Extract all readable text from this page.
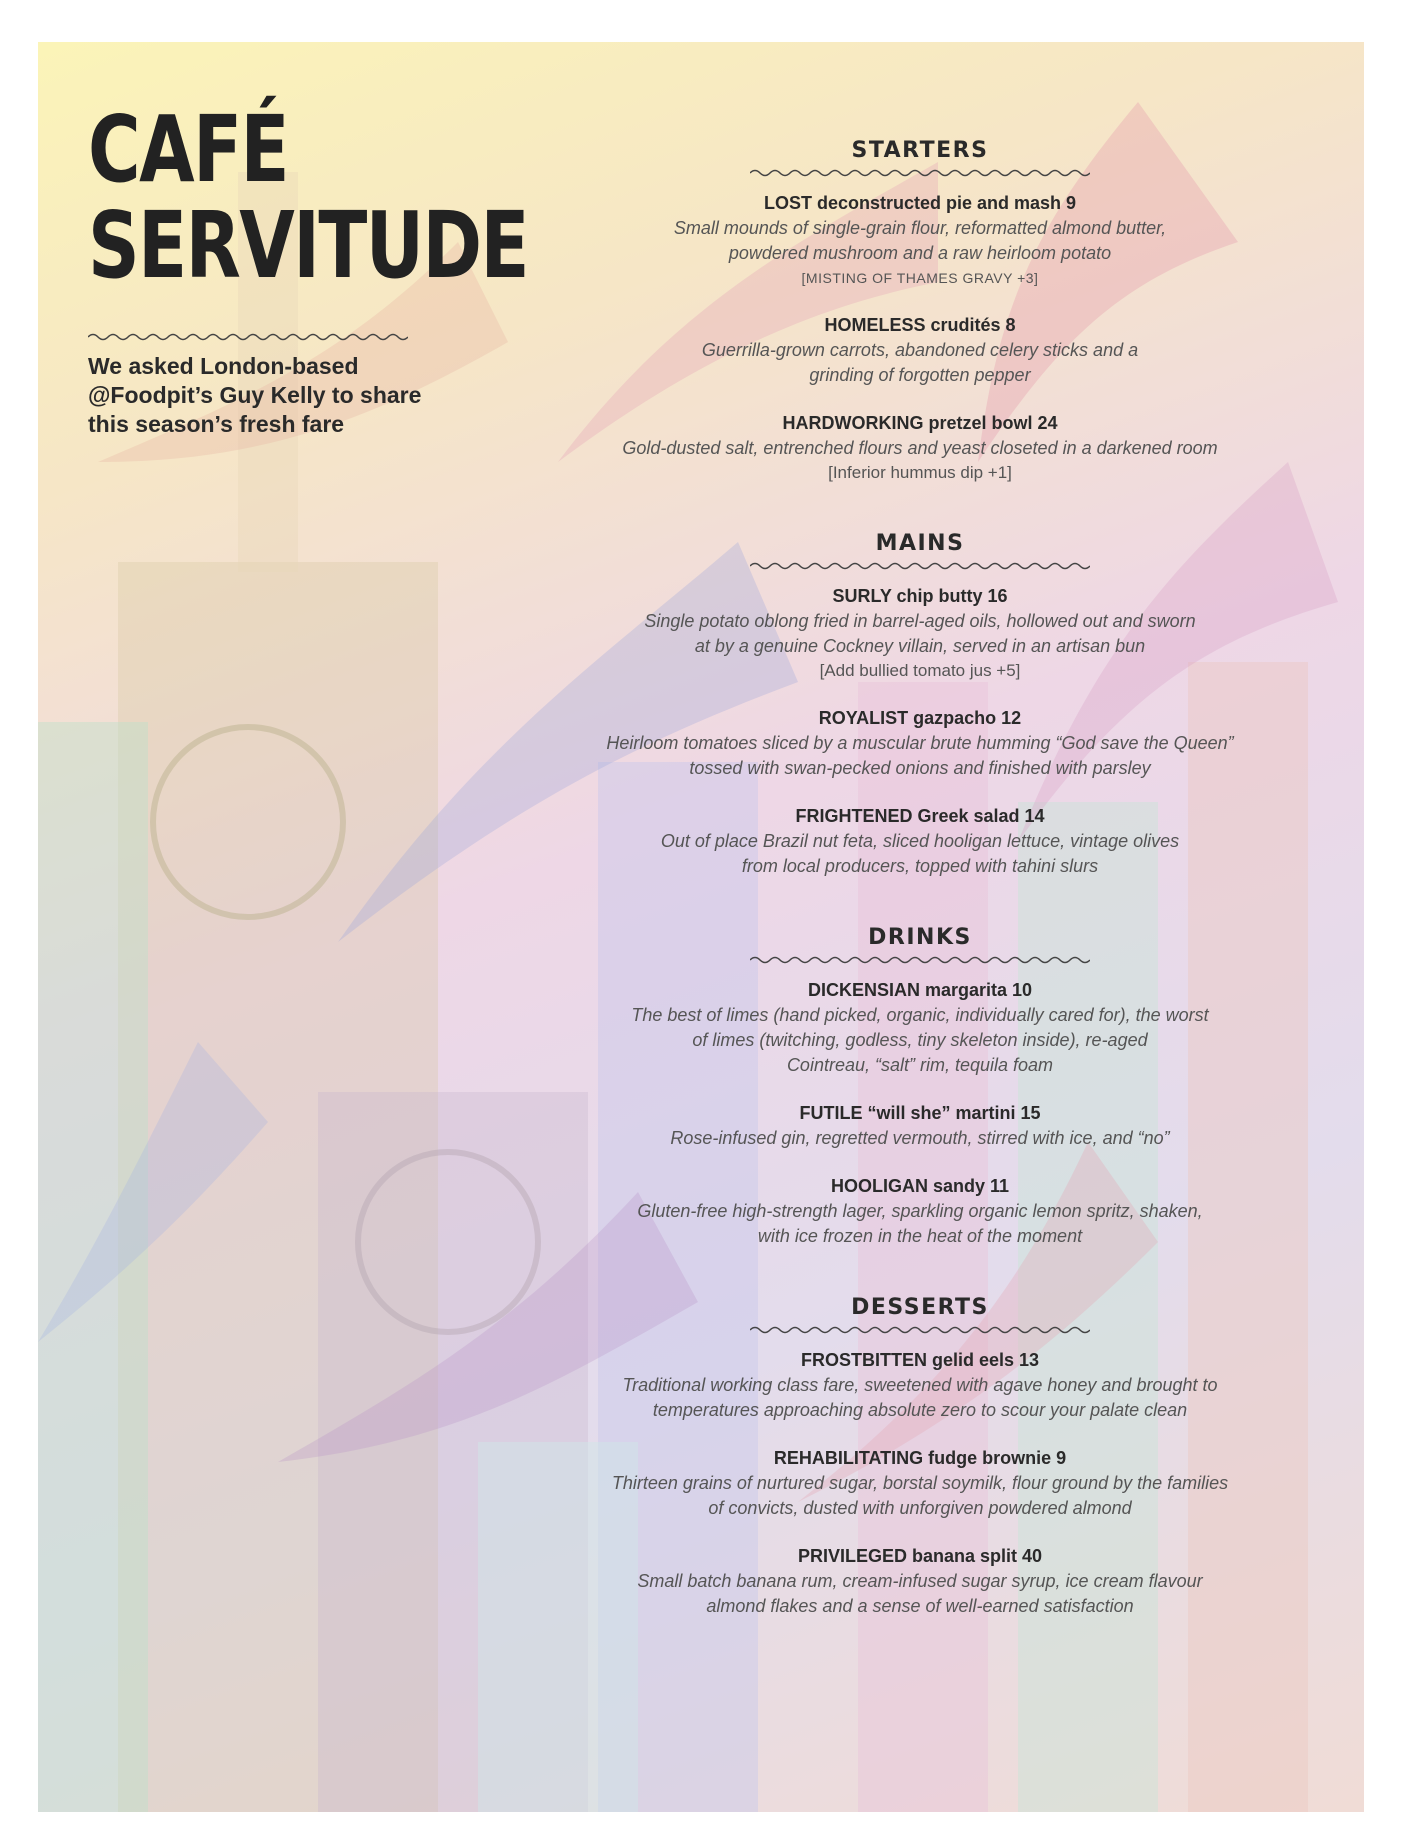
CAFÉ
SERVITUDE
We asked London-based @Foodpit’s Guy Kelly to share this season’s fresh fare
STARTERS
LOST deconstructed pie and mash 9
Small mounds of single-grain flour, reformatted almond butter,
powdered mushroom and a raw heirloom potato
[MISTING OF THAMES GRAVY +3]
HOMELESS crudités 8
Guerrilla-grown carrots, abandoned celery sticks and a
grinding of forgotten pepper
HARDWORKING pretzel bowl 24
Gold-dusted salt, entrenched flours and yeast closeted in a darkened room
[Inferior hummus dip +1]
MAINS
SURLY chip butty 16
Single potato oblong fried in barrel-aged oils, hollowed out and sworn
at by a genuine Cockney villain, served in an artisan bun
[Add bullied tomato jus +5]
ROYALIST gazpacho 12
Heirloom tomatoes sliced by a muscular brute humming “God save the Queen”
tossed with swan-pecked onions and finished with parsley
FRIGHTENED Greek salad 14
Out of place Brazil nut feta, sliced hooligan lettuce, vintage olives
from local producers, topped with tahini slurs
DRINKS
DICKENSIAN margarita 10
The best of limes (hand picked, organic, individually cared for), the worst
of limes (twitching, godless, tiny skeleton inside), re-aged
Cointreau, “salt” rim, tequila foam
FUTILE “will she” martini 15
Rose-infused gin, regretted vermouth, stirred with ice, and “no”
HOOLIGAN sandy 11
Gluten-free high-strength lager, sparkling organic lemon spritz, shaken,
with ice frozen in the heat of the moment
DESSERTS
FROSTBITTEN gelid eels 13
Traditional working class fare, sweetened with agave honey and brought to
temperatures approaching absolute zero to scour your palate clean
REHABILITATING fudge brownie 9
Thirteen grains of nurtured sugar, borstal soymilk, flour ground by the families
of convicts, dusted with unforgiven powdered almond
PRIVILEGED banana split 40
Small batch banana rum, cream-infused sugar syrup, ice cream flavour
almond flakes and a sense of well-earned satisfaction
